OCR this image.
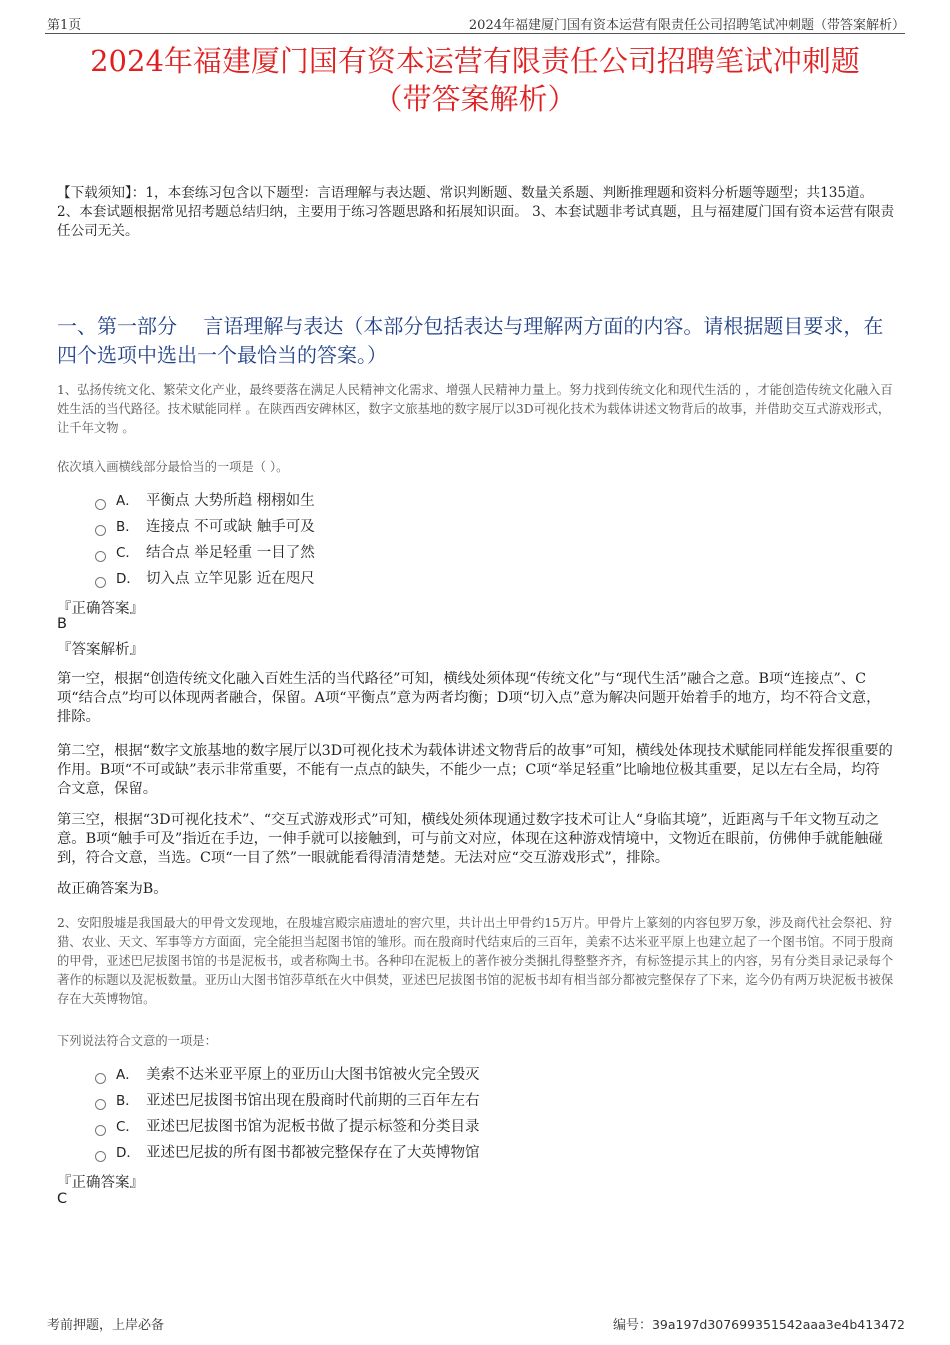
第1页	2024年福建厦门国有资本运营有限责任公司招聘笔试冲刺题（带答案解析）
2024年福建厦门国有资本运营有限责任公司招聘笔试冲刺题
（带答案解析）
【下载须知】：1，本套练习包含以下题型：言语理解与表达题、常识判断题、数量关系题、判断推理题和资料分析题等题型；共135道。 2、本套试题根据常见招考题总结归纳，主要用于练习答题思路和拓展知识面。 3、本套试题非考试真题，且与福建厦门国有资本运营有限责任公司无关。
一、第一部分　 言语理解与表达（本部分包括表达与理解两方面的内容。请根据题目要求，在四个选项中选出一个最恰当的答案。）
1、弘扬传统文化、繁荣文化产业，最终要落在满足人民精神文化需求、增强人民精神力量上。努力找到传统文化和现代生活的 ，才能创造传统文化融入百姓生活的当代路径。技术赋能同样 。在陕西西安碑林区，数字文旅基地的数字展厅以3D可视化技术为载体讲述文物背后的故事，并借助交互式游戏形式，让千年文物 。
依次填入画横线部分最恰当的一项是（ ）。
A． 平衡点 大势所趋 栩栩如生
B． 连接点 不可或缺 触手可及
C． 结合点 举足轻重 一目了然
D． 切入点 立竿见影 近在咫尺
『正确答案』
B
『答案解析』
第一空，根据“创造传统文化融入百姓生活的当代路径”可知，横线处须体现“传统文化”与“现代生活”融合之意。B项“连接点”、C项“结合点”均可以体现两者融合，保留。A项“平衡点”意为两者均衡；D项“切入点”意为解决问题开始着手的地方，均不符合文意，排除。
第二空，根据“数字文旅基地的数字展厅以3D可视化技术为载体讲述文物背后的故事”可知，横线处体现技术赋能同样能发挥很重要的作用。B项“不可或缺”表示非常重要，不能有一点点的缺失，不能少一点；C项“举足轻重”比喻地位极其重要，足以左右全局，均符合文意，保留。
第三空，根据“3D可视化技术”、“交互式游戏形式”可知，横线处须体现通过数字技术可让人“身临其境”，近距离与千年文物互动之意。B项“触手可及”指近在手边，一伸手就可以接触到，可与前文对应，体现在这种游戏情境中，文物近在眼前，仿佛伸手就能触碰到，符合文意，当选。C项“一目了然”一眼就能看得清清楚楚。无法对应“交互游戏形式”，排除。
故正确答案为B。
2、安阳殷墟是我国最大的甲骨文发现地，在殷墟宫殿宗庙遗址的窖穴里，共计出土甲骨约15万片。甲骨片上篆刻的内容包罗万象，涉及商代社会祭祀、狩猎、农业、天文、军事等方方面面，完全能担当起图书馆的雏形。而在殷商时代结束后的三百年，美索不达米亚平原上也建立起了一个图书馆。不同于殷商的甲骨，亚述巴尼拔图书馆的书是泥板书，或者称陶土书。各种印在泥板上的著作被分类捆扎得整整齐齐，有标签提示其上的内容，另有分类目录记录每个著作的标题以及泥板数量。亚历山大图书馆莎草纸在火中俱焚，亚述巴尼拔图书馆的泥板书却有相当部分都被完整保存了下来，迄今仍有两万块泥板书被保存在大英博物馆。
下列说法符合文意的一项是：
A． 美索不达米亚平原上的亚历山大图书馆被火完全毁灭
B． 亚述巴尼拔图书馆出现在殷商时代前期的三百年左右
C． 亚述巴尼拔图书馆为泥板书做了提示标签和分类目录
D． 亚述巴尼拔的所有图书都被完整保存在了大英博物馆
『正确答案』
C
考前押题，上岸必备	编号：39a197d307699351542aaa3e4b413472
